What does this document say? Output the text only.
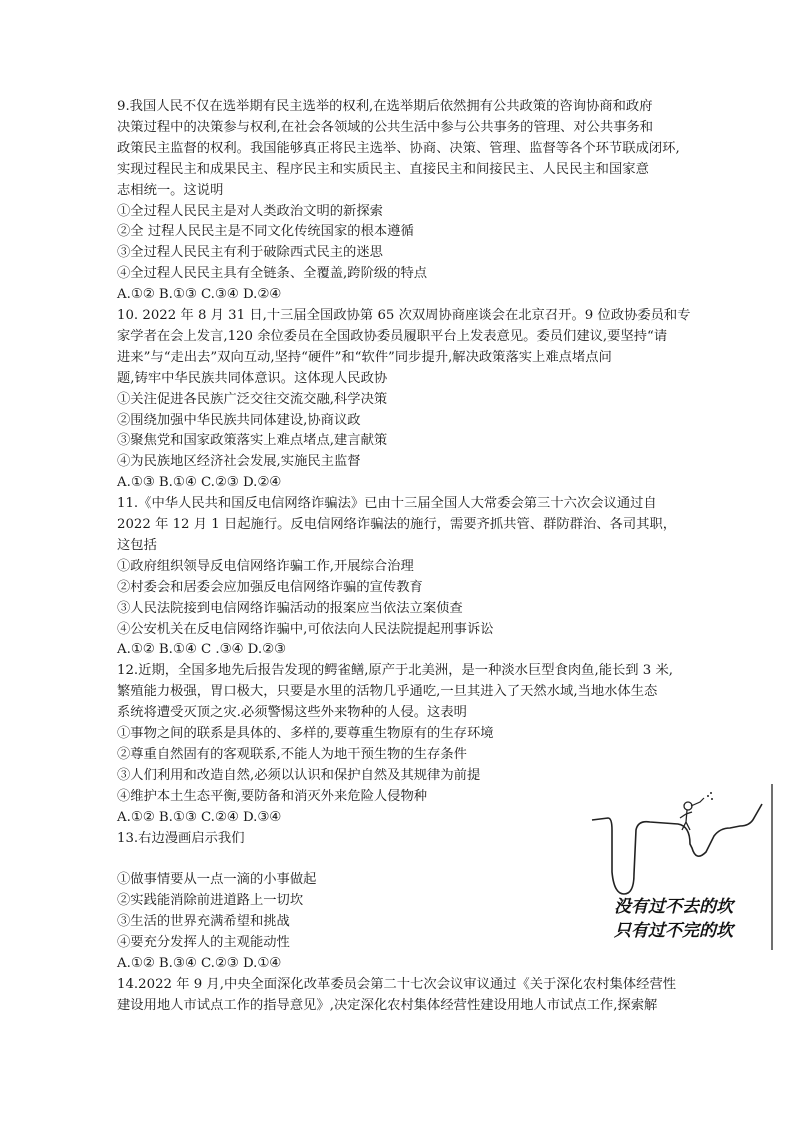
9.我国人民不仅在选举期有民主选举的权利,在选举期后依然拥有公共政策的咨询协商和政府
决策过程中的决策参与权利,在社会各领域的公共生活中参与公共事务的管理、对公共事务和
政策民主监督的权利。我国能够真正将民主选举、协商、决策、管理、监督等各个环节联成闭环,
实现过程民主和成果民主、程序民主和实质民主、直接民主和间接民主、人民民主和国家意
志相统一。这说明
①全过程人民民主是对人类政治文明的新探索
②全 过程人民民主是不同文化传统国家的根本遵循
③全过程人民民主有利于破除西式民主的迷思
④全过程人民民主具有全链条、全覆盖,跨阶级的特点
A.①② B.①③ C.③④ D.②④
10. 2022 年 8 月 31 日,十三届全国政协第 65 次双周协商座谈会在北京召开。9 位政协委员和专
家学者在会上发言,120 余位委员在全国政协委员履职平台上发表意见。委员们建议,要坚持“请
进来”与“走出去”双向互动,坚持“硬件”和“软件”同步提升,解决政策落实上难点堵点问
题,铸牢中华民族共同体意识。这体现人民政协
①关注促进各民族广泛交往交流交融,科学决策
②围绕加强中华民族共同体建设,协商议政
③聚焦党和国家政策落实上难点堵点,建言献策
④为民族地区经济社会发展,实施民主监督
A.①③ B.①④ C.②③ D.②④
11.《中华人民共和国反电信网络诈骗法》已由十三届全国人大常委会第三十六次会议通过自
2022 年 12 月 1 日起施行。反电信网络诈骗法的施行，需要齐抓共管、群防群治、各司其职，
这包括
①政府组织领导反电信网络诈骗工作,开展综合治理
②村委会和居委会应加强反电信网络诈骗的宣传教育
③人民法院接到电信网络诈骗活动的报案应当依法立案侦查
④公安机关在反电信网络诈骗中,可依法向人民法院提起刑事诉讼
A.①② B.①④ C .③④ D.②③
12.近期，全国多地先后报告发现的鳄雀鳝,原产于北美洲，是一种淡水巨型食肉鱼,能长到 3 米,
繁殖能力极强，胃口极大，只要是水里的活物几乎通吃,一旦其进入了天然水域,当地水体生态
系统将遭受灭顶之灾.必须警惕这些外来物种的人侵。这表明
①事物之间的联系是具体的、多样的,要尊重生物原有的生存环境
②尊重自然固有的客观联系,不能人为地干预生物的生存条件
③人们利用和改造自然,必须以认识和保护自然及其规律为前提
④维护本土生态平衡,要防备和消灭外来危险人侵物种
A.①② B.①③ C.②④ D.③④
13.右边漫画启示我们
①做事情要从一点一滴的小事做起
②实践能消除前进道路上一切坎
③生活的世界充满希望和挑战
④要充分发挥人的主观能动性
A.①② B.③④ C.②③ D.①④
14.2022 年 9 月,中央全面深化改革委员会第二十七次会议审议通过《关于深化农村集体经营性
建设用地人市试点工作的指导意见》,决定深化农村集体经营性建设用地人市试点工作,探索解
没有过不去的坎
只有过不完的坎
